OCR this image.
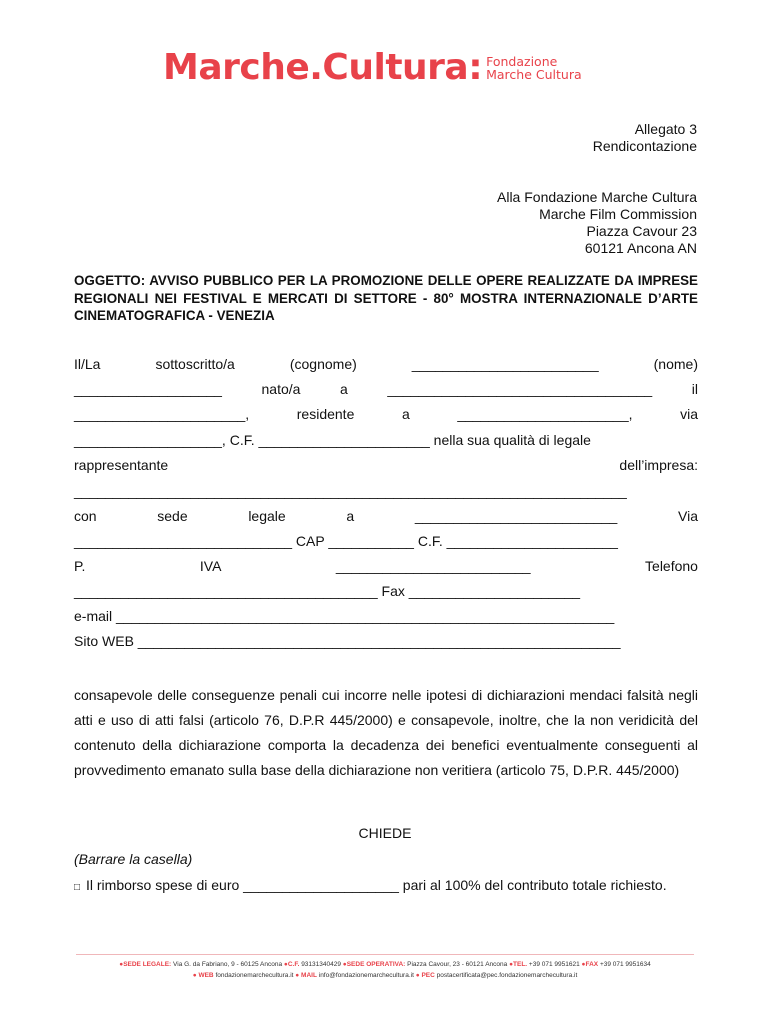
Marche.Cultura: Fondazione
Marche Cultura
Allegato 3
Rendicontazione
Alla Fondazione Marche Cultura
Marche Film Commission
Piazza Cavour 23
60121 Ancona AN
OGGETTO: AVVISO PUBBLICO PER LA PROMOZIONE DELLE OPERE REALIZZATE DA IMPRESE REGIONALI NEI FESTIVAL E MERCATI DI SETTORE - 80° MOSTRA INTERNAZIONALE D’ARTE CINEMATOGRAFICA - VENEZIA
Il/La	sottoscritto/a	(cognome)	________________________	(nome)
___________________	nato/a	a	__________________________________	il
______________________,	residente	a	______________________,	via
___________________, C.F. ______________________ nella sua qualità di legale
rappresentante	dell’impresa:
_______________________________________________________________________
con	sede	legale	a	__________________________	Via
____________________________ CAP ___________ C.F. ______________________
P.	IVA	_________________________	Telefono
_______________________________________ Fax ______________________
e-mail ________________________________________________________________
Sito WEB ______________________________________________________________
consapevole delle conseguenze penali cui incorre nelle ipotesi di dichiarazioni mendaci falsità negli atti e uso di atti falsi (articolo 76, D.P.R 445/2000) e consapevole, inoltre, che la non veridicità del contenuto della dichiarazione comporta la decadenza dei benefici eventualmente conseguenti al provvedimento emanato sulla base della dichiarazione non veritiera (articolo 75, D.P.R. 445/2000)
CHIEDE
(Barrare la casella)
□ Il rimborso spese di euro ____________________ pari al 100% del contributo totale richiesto.
●SEDE LEGALE: Via G. da Fabriano, 9 - 60125 Ancona ●C.F. 93131340429 ●SEDE OPERATIVA: Piazza Cavour, 23 - 60121 Ancona ●TEL. +39 071 9951621 ●FAX +39 071 9951634
● WEB fondazionemarchecultura.it ● MAIL info@fondazionemarchecultura.it ● PEC postacertificata@pec.fondazionemarchecultura.it
